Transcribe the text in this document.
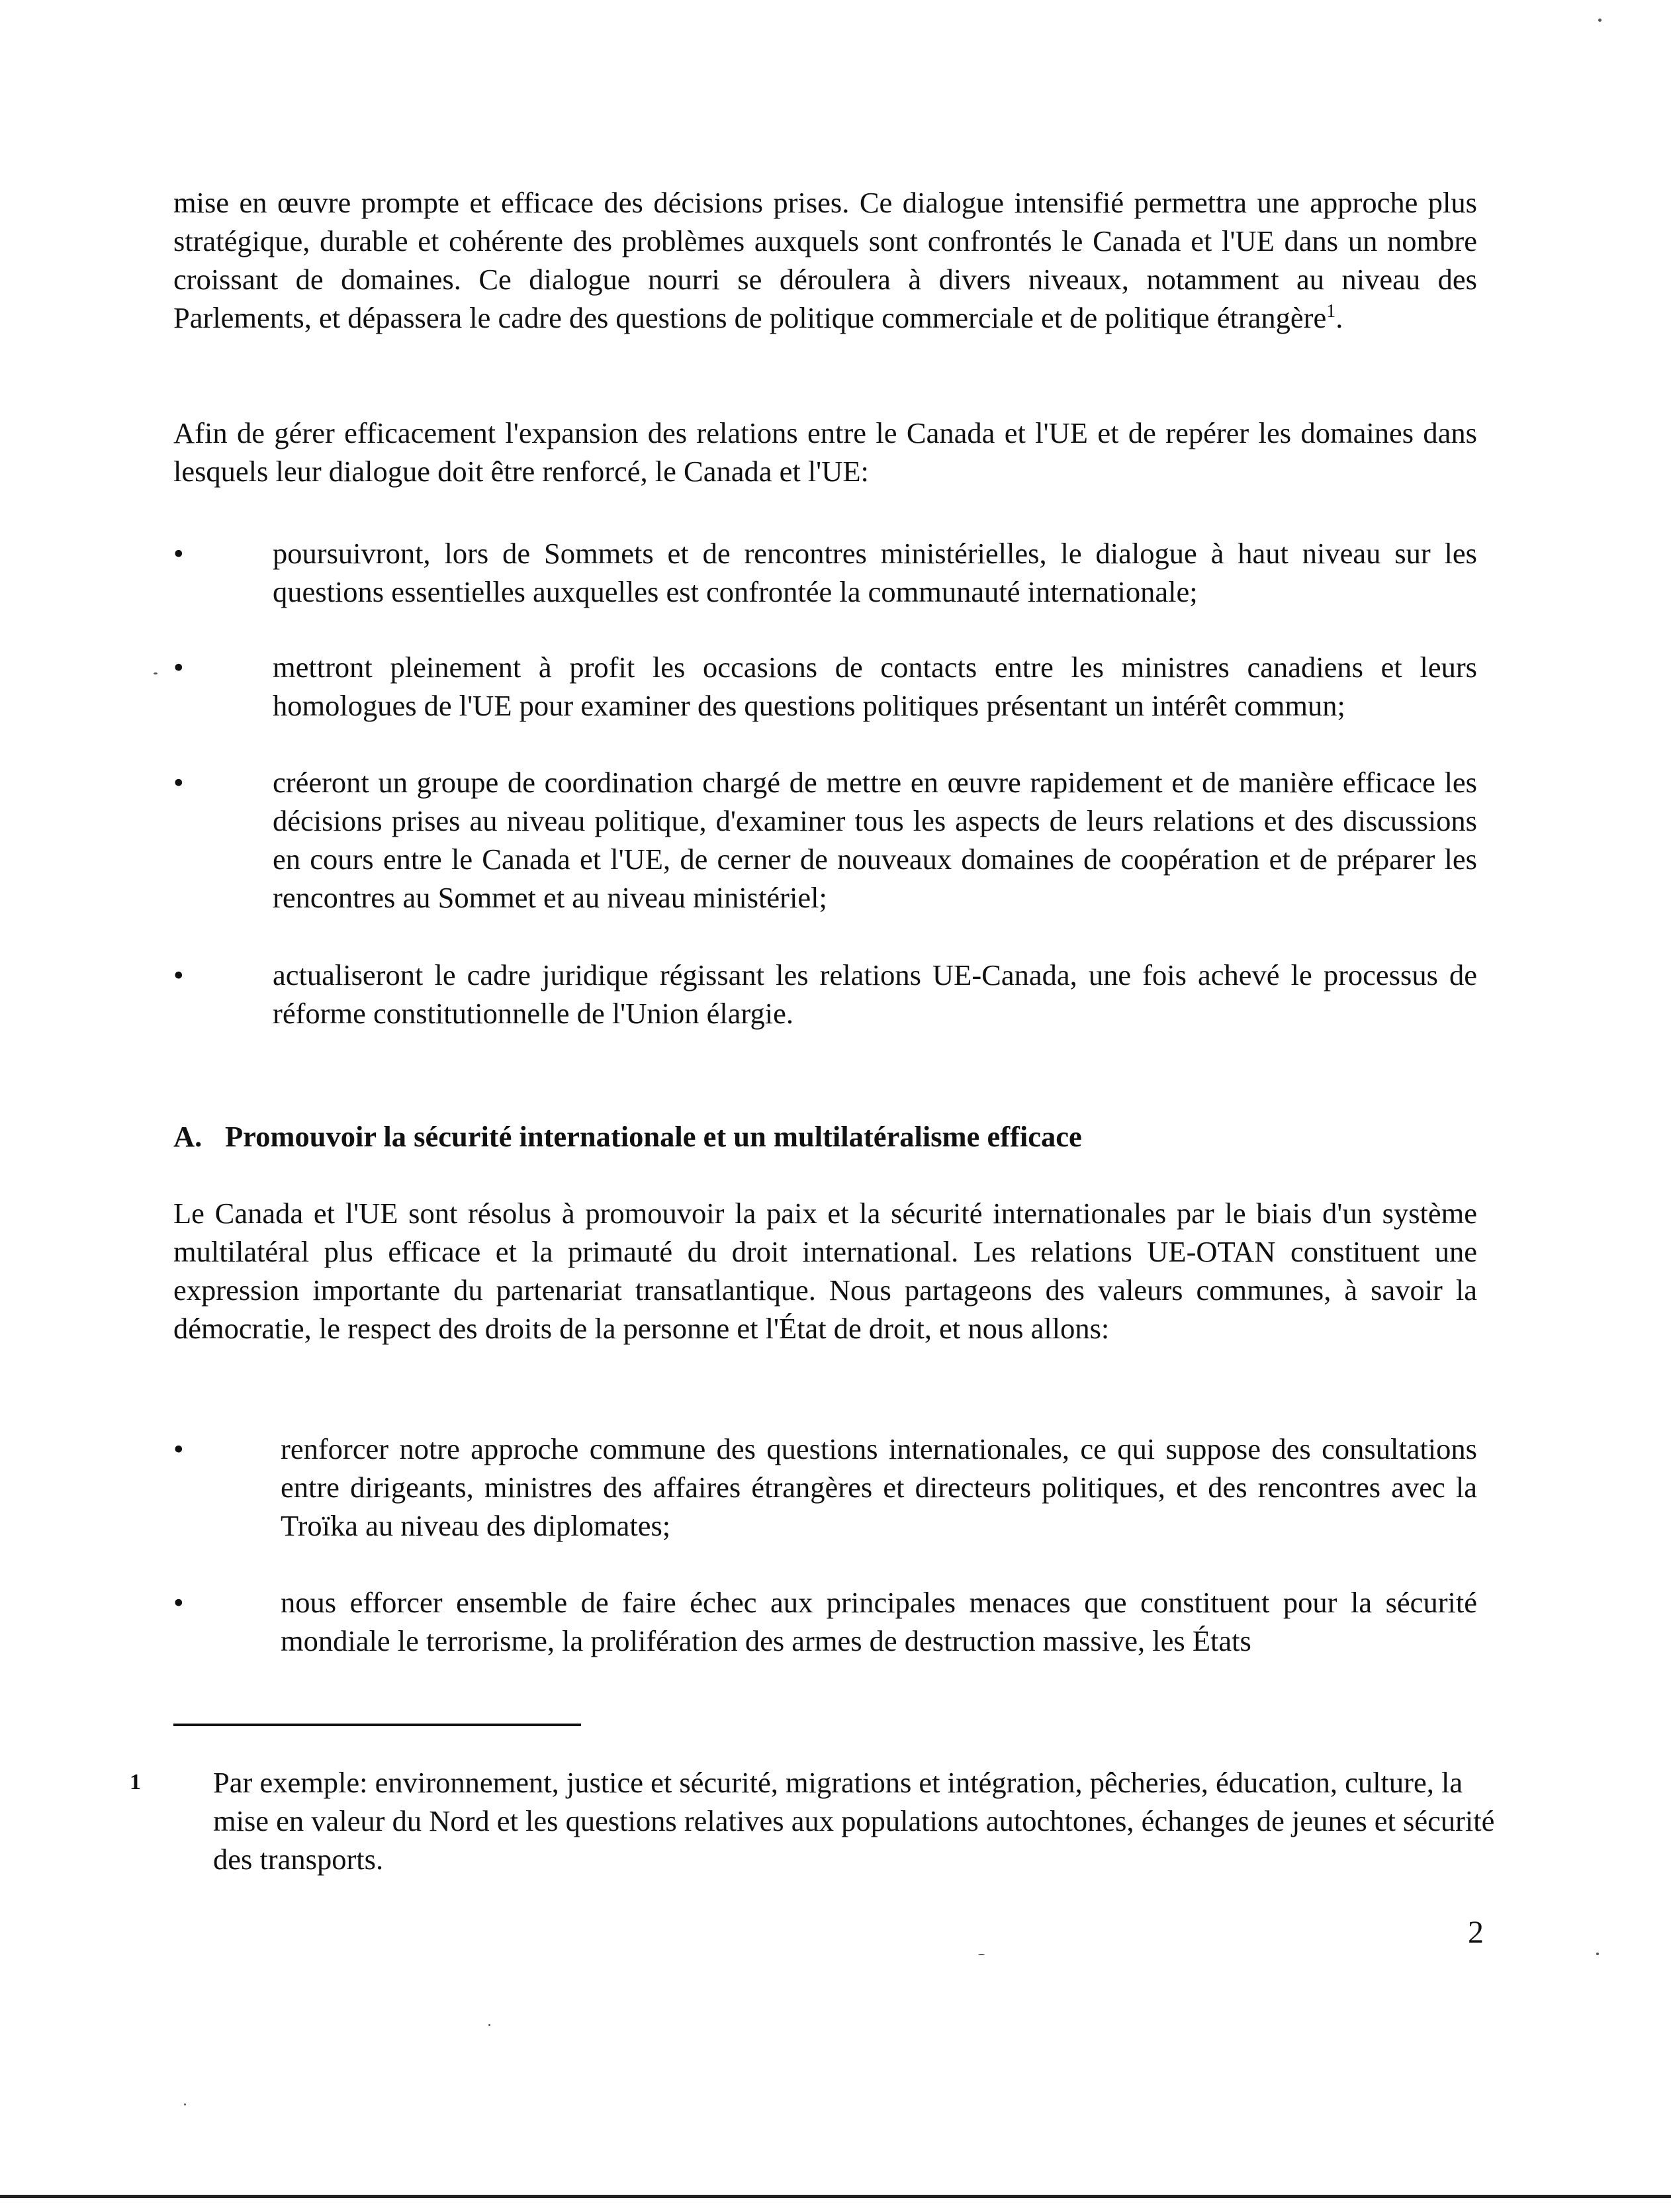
mise en œuvre prompte et efficace des décisions prises. Ce dialogue intensifié permettra une approche plus stratégique, durable et cohérente des problèmes auxquels sont confrontés le Canada et l'UE dans un nombre croissant de domaines. Ce dialogue nourri se déroulera à divers niveaux, notamment au niveau des Parlements, et dépassera le cadre des questions de politique commerciale et de politique étrangère$^1$.

Afin de gérer efficacement l'expansion des relations entre le Canada et l'UE et de repérer les domaines dans lesquels leur dialogue doit être renforcé, le Canada et l'UE:

•	poursuivront, lors de Sommets et de rencontres ministérielles, le dialogue à haut niveau sur les questions essentielles auxquelles est confrontée la communauté internationale;

•	mettront pleinement à profit les occasions de contacts entre les ministres canadiens et leurs homologues de l'UE pour examiner des questions politiques présentant un intérêt commun;

•	créeront un groupe de coordination chargé de mettre en œuvre rapidement et de manière efficace les décisions prises au niveau politique, d'examiner tous les aspects de leurs relations et des discussions en cours entre le Canada et l'UE, de cerner de nouveaux domaines de coopération et de préparer les rencontres au Sommet et au niveau ministériel;

•	actualiseront le cadre juridique régissant les relations UE-Canada, une fois achevé le processus de réforme constitutionnelle de l'Union élargie.

A. Promouvoir la sécurité internationale et un multilatéralisme efficace

Le Canada et l'UE sont résolus à promouvoir la paix et la sécurité internationales par le biais d'un système multilatéral plus efficace et la primauté du droit international. Les relations UE-OTAN constituent une expression importante du partenariat transatlantique. Nous partageons des valeurs communes, à savoir la démocratie, le respect des droits de la personne et l'État de droit, et nous allons:

•	renforcer notre approche commune des questions internationales, ce qui suppose des consultations entre dirigeants, ministres des affaires étrangères et directeurs politiques, et des rencontres avec la Troïka au niveau des diplomates;

•	nous efforcer ensemble de faire échec aux principales menaces que constituent pour la sécurité mondiale le terrorisme, la prolifération des armes de destruction massive, les États

1 Par exemple: environnement, justice et sécurité, migrations et intégration, pêcheries, éducation, culture, la mise en valeur du Nord et les questions relatives aux populations autochtones, échanges de jeunes et sécurité des transports.

2
